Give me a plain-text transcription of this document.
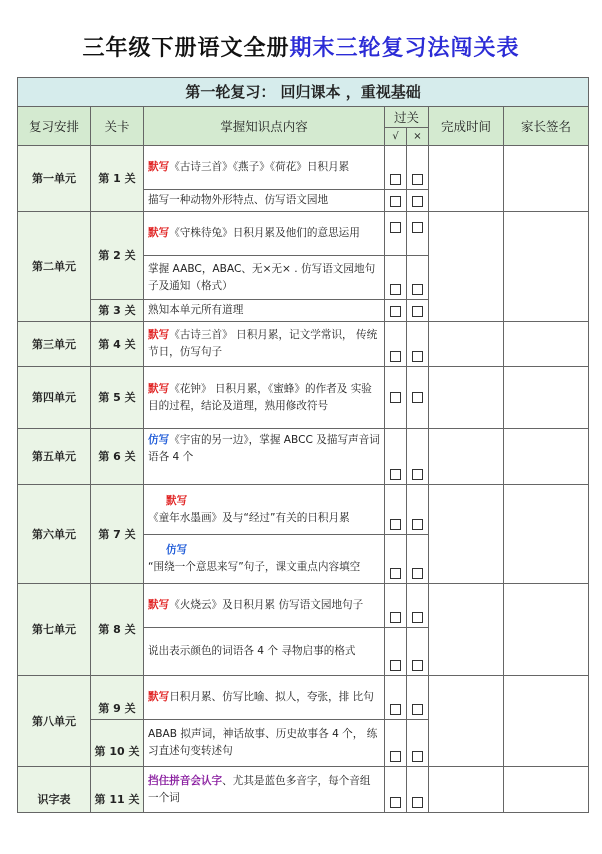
三年级下册语文全册期末三轮复习法闯关表
第一轮复习： 回归课本 ，重视基础						
复习安排	关卡	掌握知识点内容	过关		完成时间	家长签名
			√	×		
第一单元	第 1 关	默写《古诗三首》《燕子》《荷花》日积月累				
		描写一种动物外形特点、仿写语文园地				
第二单元	第 2 关	默写《守株待兔》日积月累及他们的意思运用				
		掌握 AABC，ABAC、无×无× . 仿写语文园地句子及通知（格式）				
	第 3 关	熟知本单元所有道理				
第三单元	第 4 关	默写《古诗三首》 日积月累，记文学常识， 传统节日，仿写句子				
第四单元	第 5 关	默写《花钟》 日积月累，《蜜蜂》的作者及 实验目的过程，结论及道理，熟用修改符号				
第五单元	第 6 关	仿写《宇宙的另一边》，掌握 ABCC 及描写声音词语各 4 个				
第六单元	第 7 关	默写
《童年水墨画》及与“经过”有关的日积月累				

		仿写
“围绕一个意思来写”句子，课文重点内容填空				
第七单元	第 8 关	默写《火烧云》及日积月累 仿写语文园地句子				
		说出表示颜色的词语各 4 个 寻物启事的格式				
第八单元	第 9 关	默写日积月累、仿写比喻、拟人，夸张，排 比句				
	第 10 关	ABAB 拟声词，神话故事、历史故事各 4 个， 练习直述句变转述句				
识字表	第 11 关	挡住拼音会认字、尤其是蓝色多音字，每个音组一个词				
